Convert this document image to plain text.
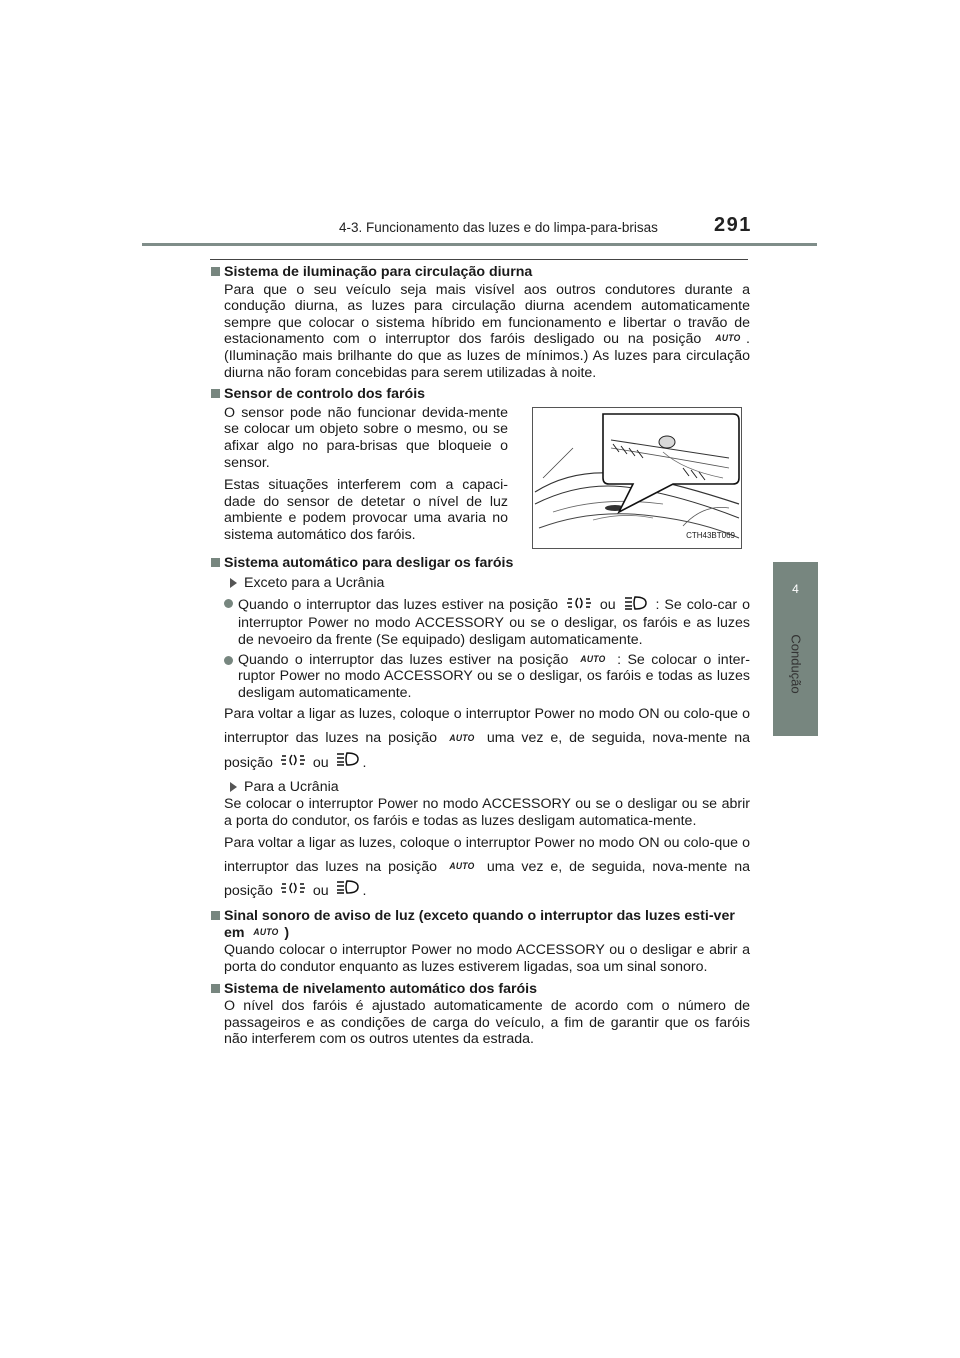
4-3. Funcionamento das luzes e do limpa-para-brisas	291
4
Condução
Sistema de iluminação para circulação diurna
Para que o seu veículo seja mais visível aos outros condutores durante a condução diurna, as luzes para circulação diurna acendem automaticamente sempre que colocar o sistema híbrido em funcionamento e libertar o travão de estacionamento com o interruptor dos faróis desligado ou na posição AUTO . (Iluminação mais brilhante do que as luzes de mínimos.) As luzes para circulação diurna não foram concebidas para serem utilizadas à noite.
Sensor de controlo dos faróis

O sensor pode não funcionar devida-mente se colocar um objeto sobre o mesmo, ou se afixar algo no para-brisas que bloqueie o sensor.

Estas situações interferem com a capaci-dade do sensor de detetar o nível de luz ambiente e podem provocar uma avaria no sistema automático dos faróis.	CTH43BT069
Sistema automático para desligar os faróis
Exceto para a Ucrânia
Quando o interruptor das luzes estiver na posição	ou	: Se colo-car o interruptor Power no modo ACCESSORY ou se o desligar, os faróis e as luzes de nevoeiro da frente (Se equipado) desligam automaticamente.
Quando o interruptor das luzes estiver na posição AUTO : Se colocar o inter-ruptor Power no modo ACCESSORY ou se o desligar, os faróis e todas as luzes desligam automaticamente.
Para voltar a ligar as luzes, coloque o interruptor Power no modo ON ou colo-que o interruptor das luzes na posição AUTO uma vez e, de seguida, nova-mente na posição	ou .
Para a Ucrânia
Se colocar o interruptor Power no modo ACCESSORY ou se o desligar ou se abrir a porta do condutor, os faróis e todas as luzes desligam automatica-mente.
Para voltar a ligar as luzes, coloque o interruptor Power no modo ON ou colo-que o interruptor das luzes na posição AUTO uma vez e, de seguida, nova-mente na posição	ou .
Sinal sonoro de aviso de luz (exceto quando o interruptor das luzes esti-ver em AUTO )
Quando colocar o interruptor Power no modo ACCESSORY ou o desligar e abrir a porta do condutor enquanto as luzes estiverem ligadas, soa um sinal sonoro.
Sistema de nivelamento automático dos faróis
O nível dos faróis é ajustado automaticamente de acordo com o número de passageiros e as condições de carga do veículo, a fim de garantir que os faróis não interferem com os outros utentes da estrada.
